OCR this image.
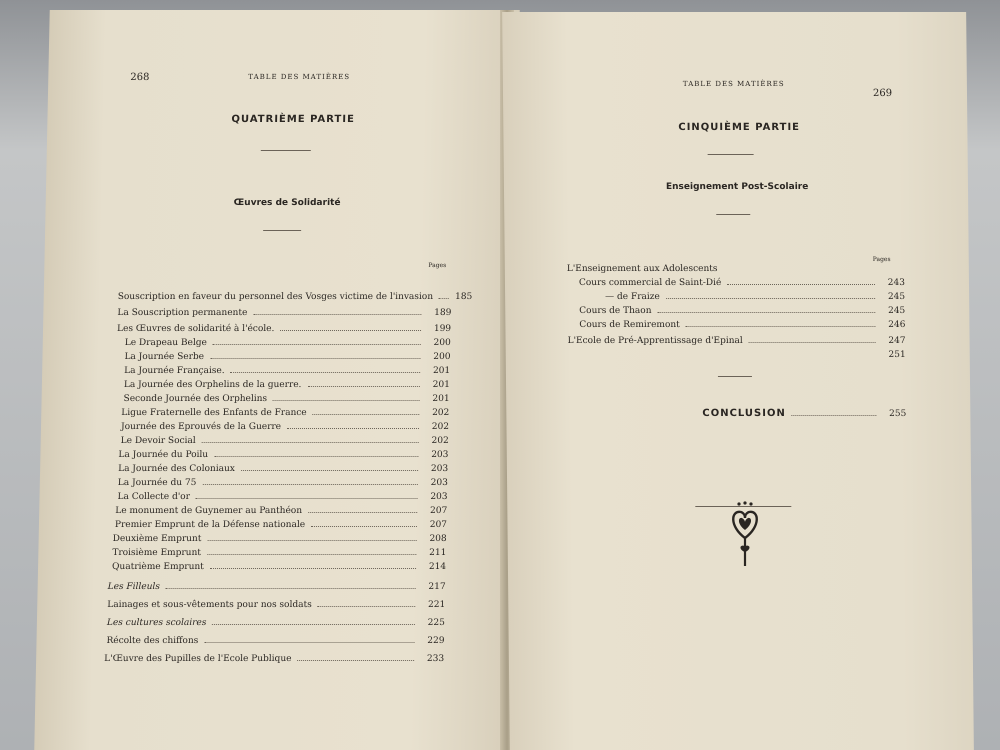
268	TABLE DES MATIÈRES
QUATRIÈME PARTIE
Œuvres de Solidarité
Pages
Souscription en faveur du personnel des Vosges victime de l'invasion 185
La Souscription permanente	189
Les Œuvres de solidarité à l'école.	199
Le Drapeau Belge	200
La Journée Serbe	200
La Journée Française.	201
La Journée des Orphelins de la guerre.	201
Seconde Journée des Orphelins	201
Ligue Fraternelle des Enfants de France	202
Journée des Eprouvés de la Guerre	202
Le Devoir Social	202
La Journée du Poilu	203
La Journée des Coloniaux	203
La Journée du 75	203
La Collecte d'or	203
Le monument de Guynemer au Panthéon	207
Premier Emprunt de la Défense nationale	207
Deuxième Emprunt	208
Troisième Emprunt	211
Quatrième Emprunt	214
Les Filleuls	217
Lainages et sous-vêtements pour nos soldats	221
Les cultures scolaires	225
Récolte des chiffons	229
L'Œuvre des Pupilles de l'Ecole Publique	233
TABLE DES MATIÈRES
269
CINQUIÈME PARTIE
Enseignement Post-Scolaire
Pages
L'Enseignement aux Adolescents
Cours commercial de Saint-Dié	243
— de Fraize	245
Cours de Thaon	245
Cours de Remiremont	246
L'Ecole de Pré-Apprentissage d'Epinal	247
251
CONCLUSION	255
